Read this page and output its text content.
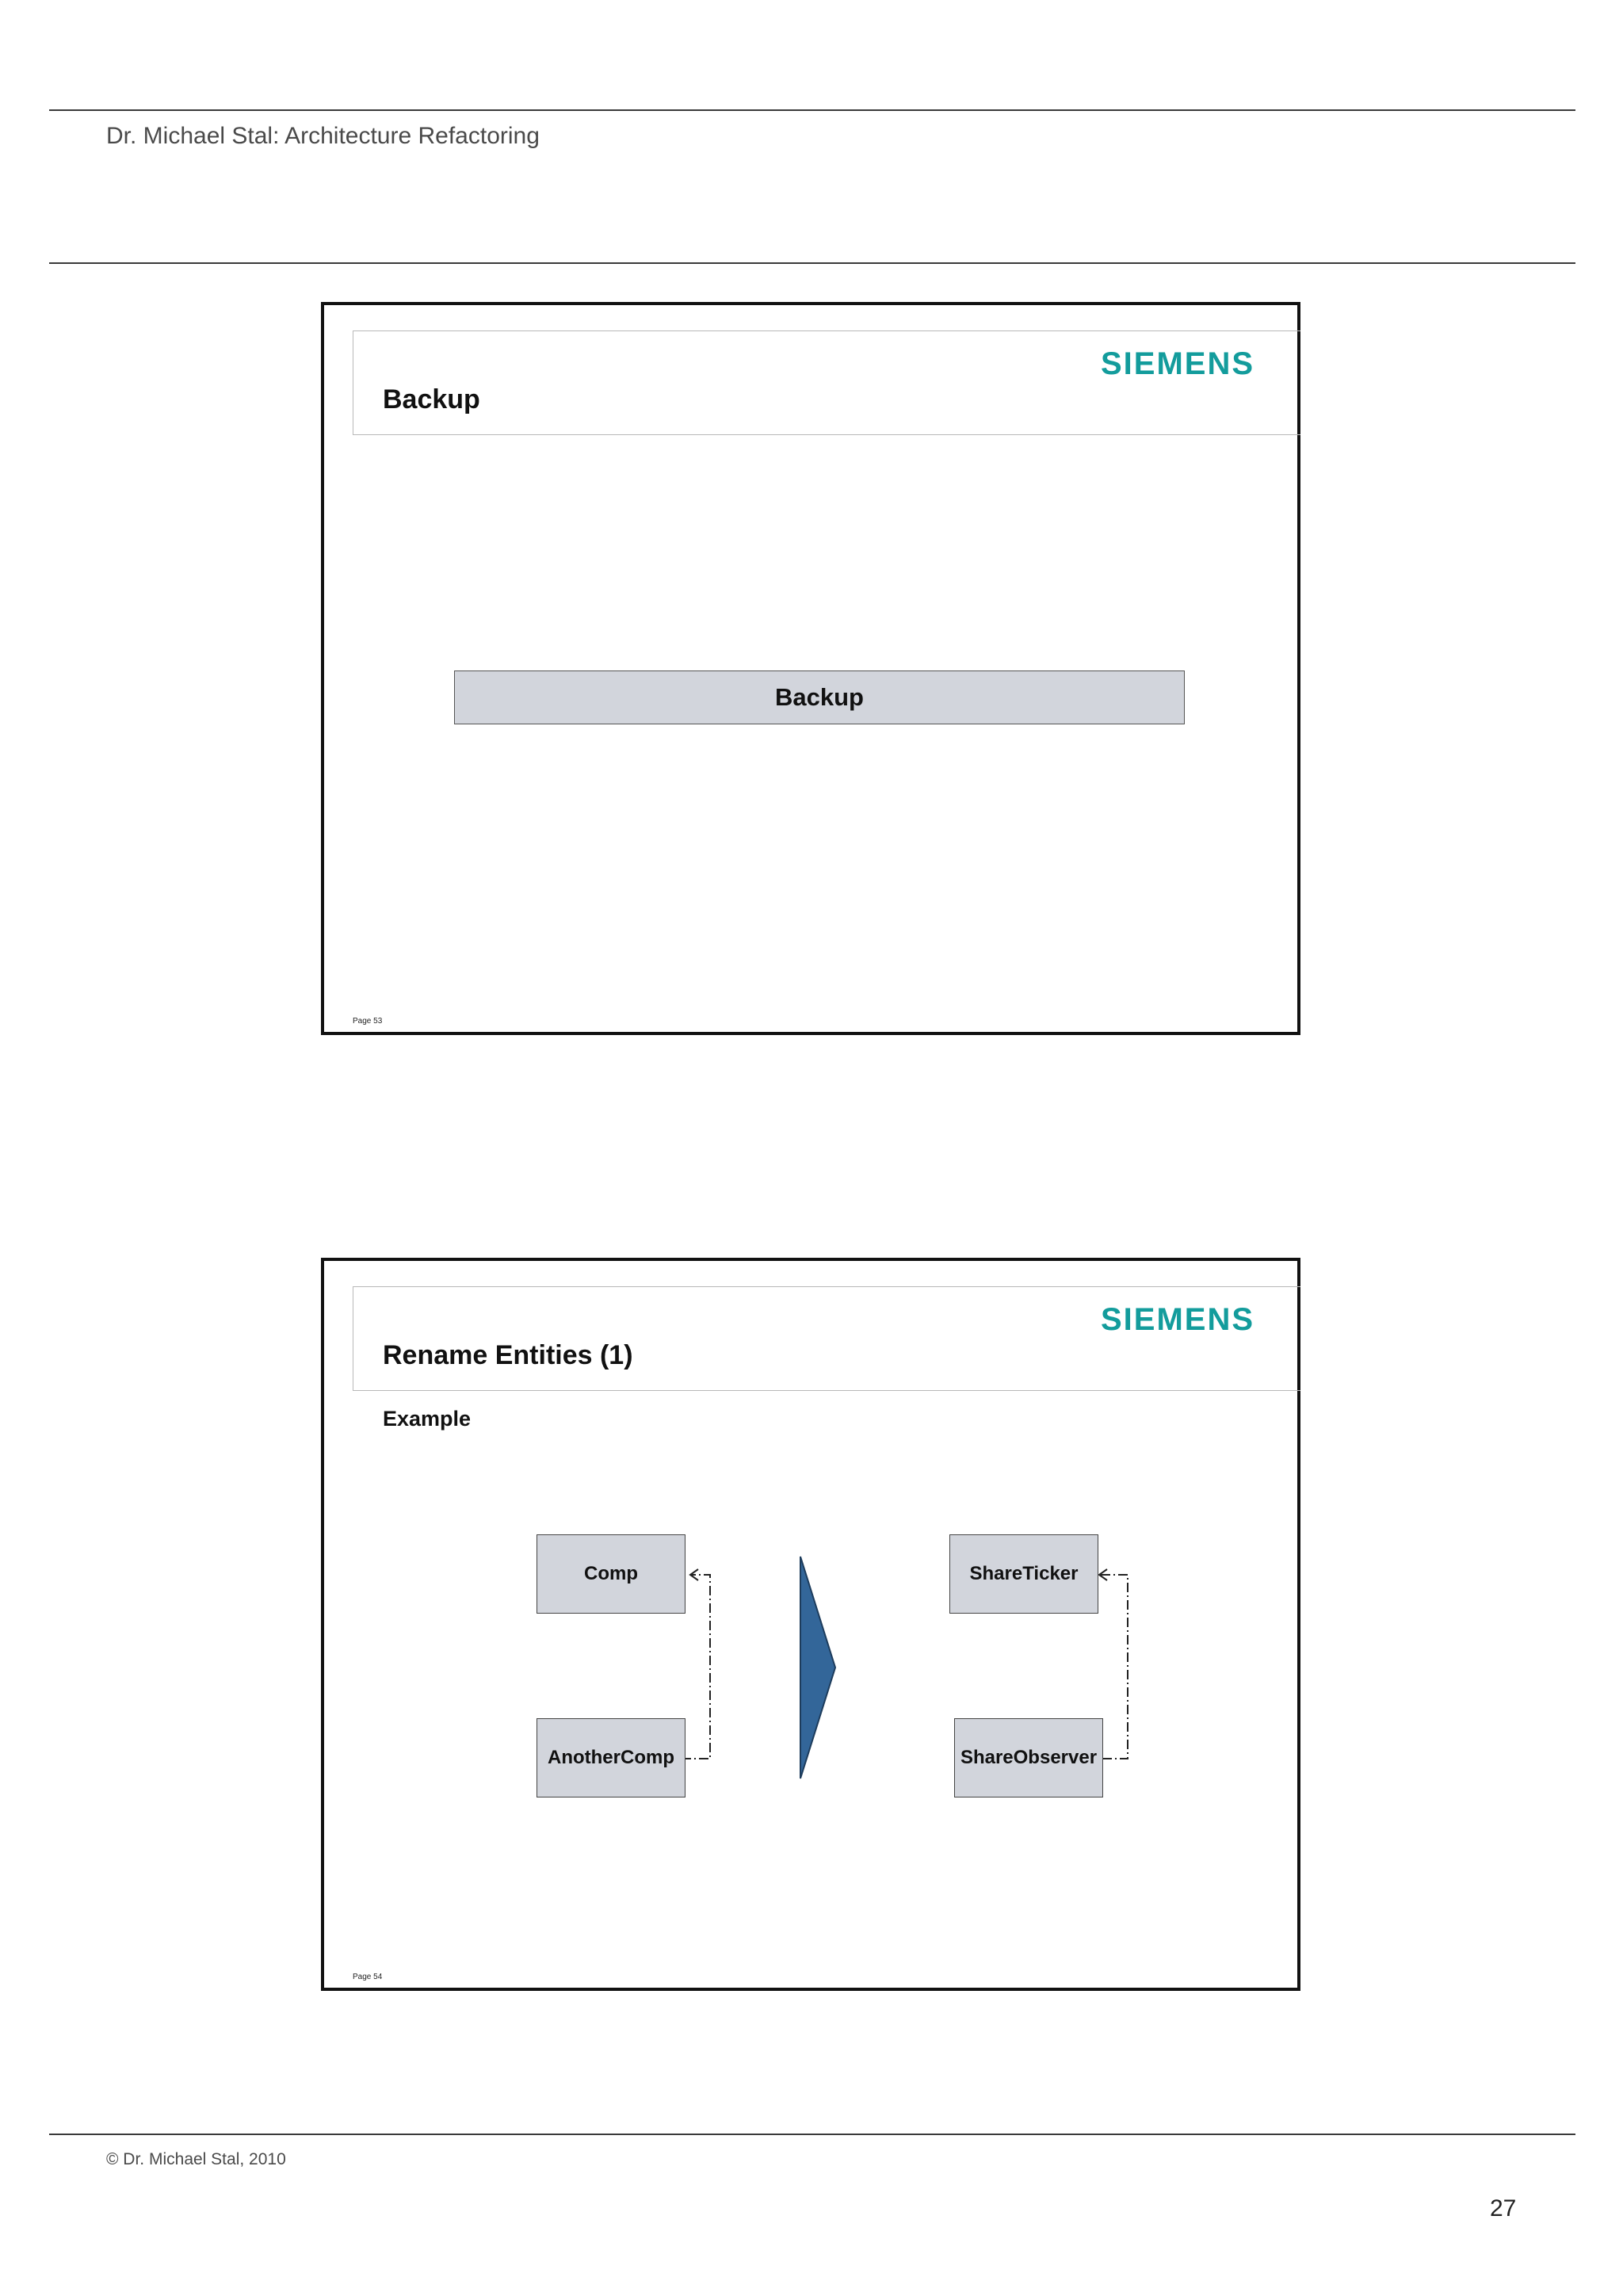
Dr. Michael Stal: Architecture Refactoring
SIEMENS
Backup
Backup
Page 53
SIEMENS
Rename Entities (1)
Example
Comp
AnotherComp
ShareTicker
ShareObserver
Page 54
© Dr. Michael Stal, 2010
27
